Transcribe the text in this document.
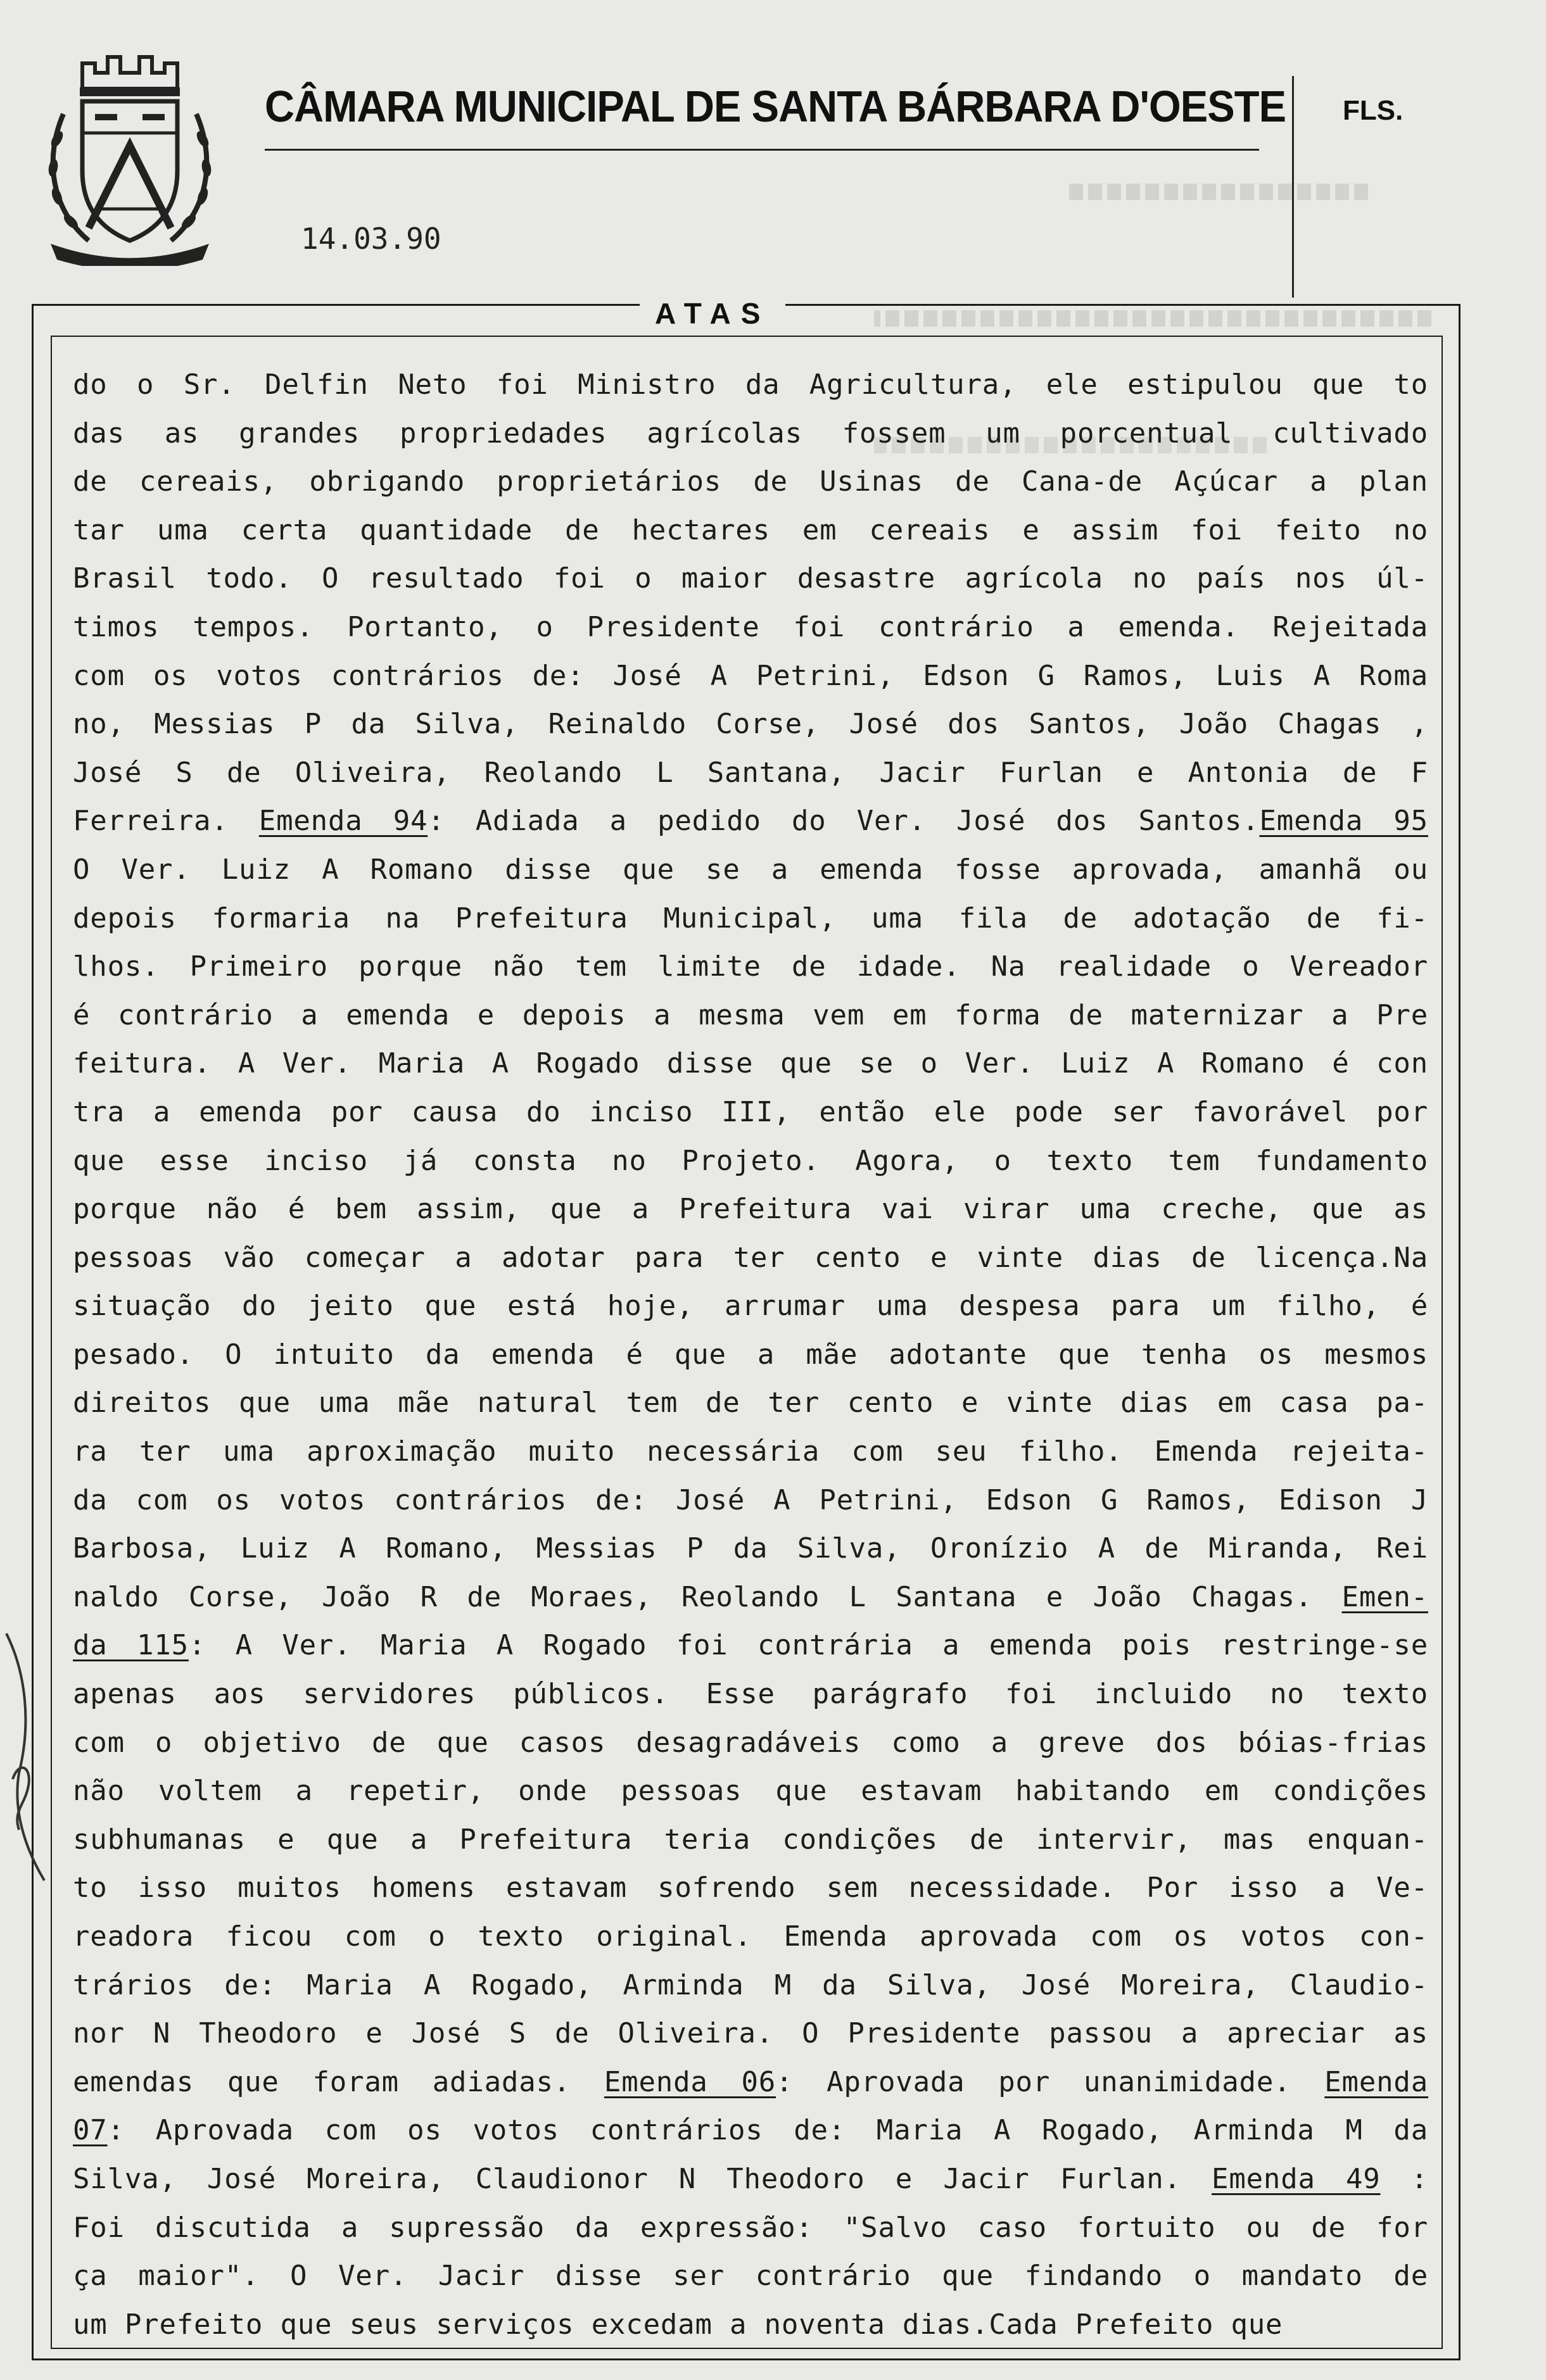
CÂMARA MUNICIPAL DE SANTA BÁRBARA D'OESTE FLS.
14.03.90
ATAS
do o Sr. Delfin Neto foi Ministro da Agricultura, ele estipulou que to
das as grandes propriedades agrícolas fossem um porcentual cultivado
de cereais, obrigando proprietários de Usinas de Cana-de Açúcar a plan
tar uma certa quantidade de hectares em cereais e assim foi feito no
Brasil todo. O resultado foi o maior desastre agrícola no país nos úl-
timos tempos. Portanto, o Presidente foi contrário a emenda. Rejeitada
com os votos contrários de: José A Petrini, Edson G Ramos, Luis A Roma
no, Messias P da Silva, Reinaldo Corse, José dos Santos, João Chagas ,
José S de Oliveira, Reolando L Santana, Jacir Furlan e Antonia de F
Ferreira. Emenda 94: Adiada a pedido do Ver. José dos Santos.Emenda 95
O Ver. Luiz A Romano disse que se a emenda fosse aprovada, amanhã ou
depois formaria na Prefeitura Municipal, uma fila de adotação de fi-
lhos. Primeiro porque não tem limite de idade. Na realidade o Vereador
é contrário a emenda e depois a mesma vem em forma de maternizar a Pre
feitura. A Ver. Maria A Rogado disse que se o Ver. Luiz A Romano é con
tra a emenda por causa do inciso III, então ele pode ser favorável por
que esse inciso já consta no Projeto. Agora, o texto tem fundamento
porque não é bem assim, que a Prefeitura vai virar uma creche, que as
pessoas vão começar a adotar para ter cento e vinte dias de licença.Na
situação do jeito que está hoje, arrumar uma despesa para um filho, é
pesado. O intuito da emenda é que a mãe adotante que tenha os mesmos
direitos que uma mãe natural tem de ter cento e vinte dias em casa pa-
ra ter uma aproximação muito necessária com seu filho. Emenda rejeita-
da com os votos contrários de: José A Petrini, Edson G Ramos, Edison J
Barbosa, Luiz A Romano, Messias P da Silva, Oronízio A de Miranda, Rei
naldo Corse, João R de Moraes, Reolando L Santana e João Chagas. Emen-
da 115: A Ver. Maria A Rogado foi contrária a emenda pois restringe-se
apenas aos servidores públicos. Esse parágrafo foi incluido no texto
com o objetivo de que casos desagradáveis como a greve dos bóias-frias
não voltem a repetir, onde pessoas que estavam habitando em condições
subhumanas e que a Prefeitura teria condições de intervir, mas enquan-
to isso muitos homens estavam sofrendo sem necessidade. Por isso a Ve-
readora ficou com o texto original. Emenda aprovada com os votos con-
trários de: Maria A Rogado, Arminda M da Silva, José Moreira, Claudio-
nor N Theodoro e José S de Oliveira. O Presidente passou a apreciar as
emendas que foram adiadas. Emenda 06: Aprovada por unanimidade. Emenda
07: Aprovada com os votos contrários de: Maria A Rogado, Arminda M da
Silva, José Moreira, Claudionor N Theodoro e Jacir Furlan. Emenda 49 :
Foi discutida a supressão da expressão: "Salvo caso fortuito ou de for
ça maior". O Ver. Jacir disse ser contrário que findando o mandato de
um Prefeito que seus serviços excedam a noventa dias.Cada Prefeito que
